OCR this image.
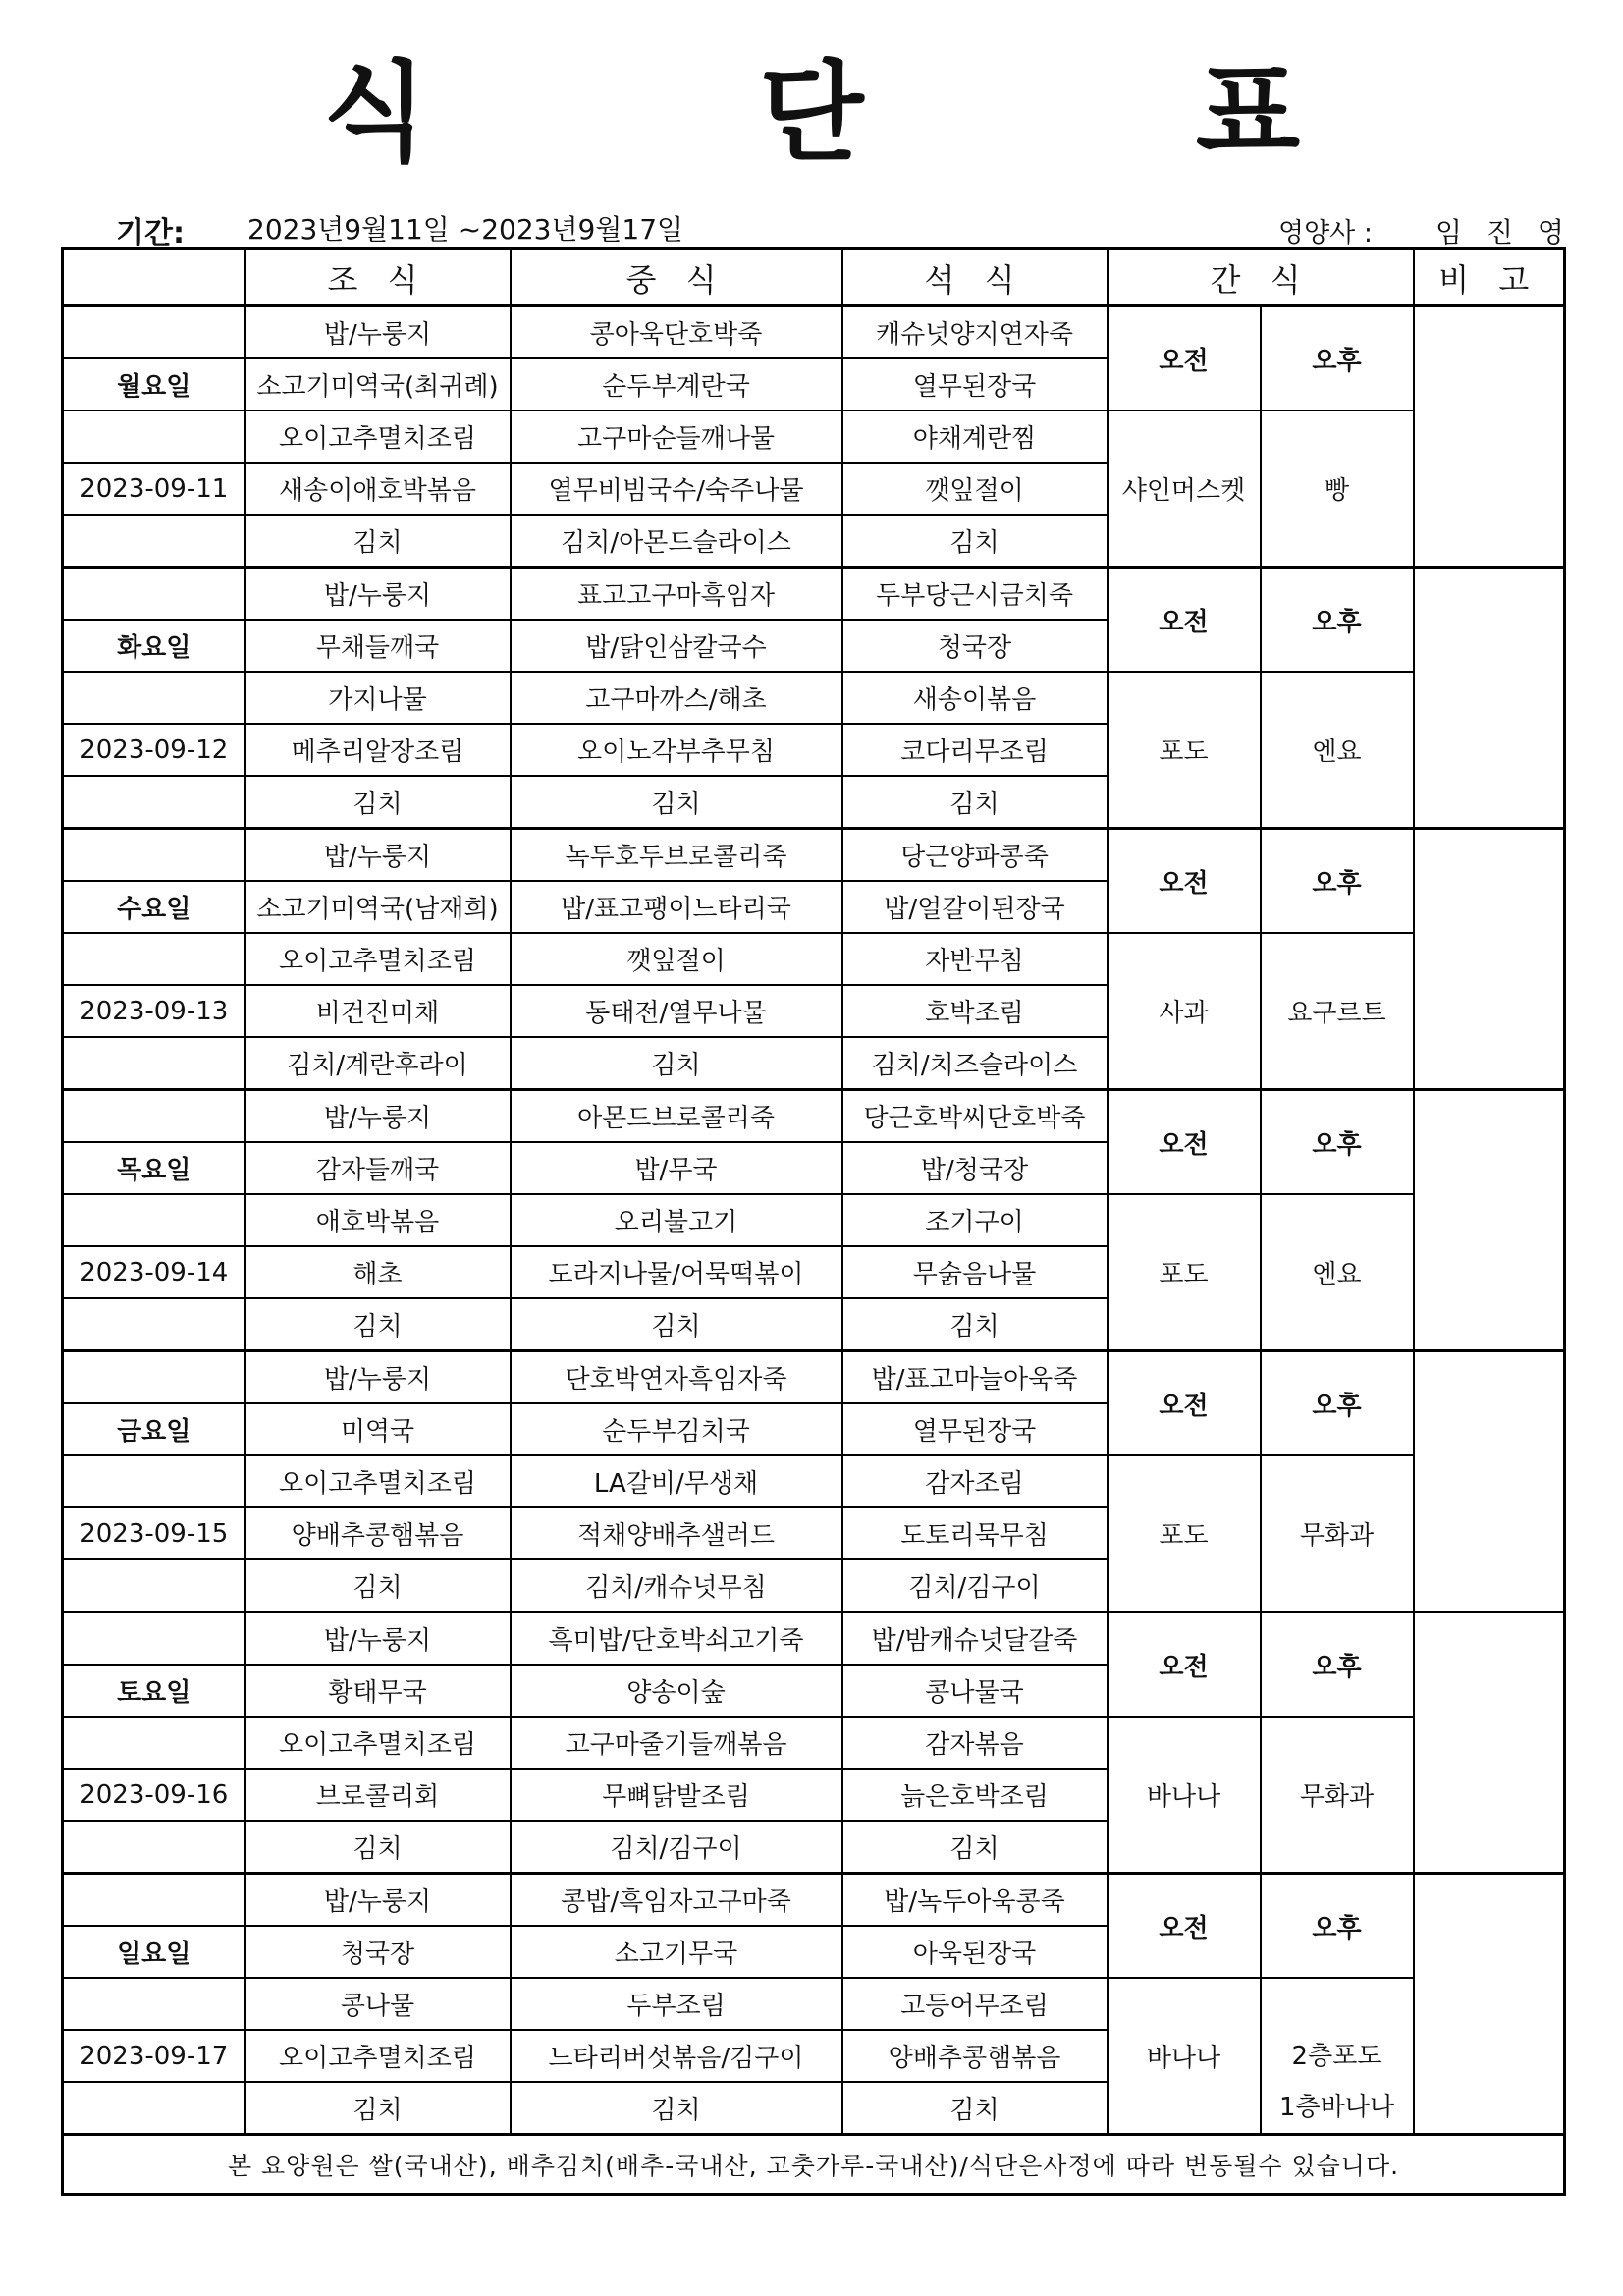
식 단 표
기간: 2023년9월11일 ~2023년9월17일	영양사 : 임 진 영
	조 식	중 식	석 식	간 식		비 고
	밥/누룽지	콩아욱단호박죽	캐슈넛양지연자죽	오전	오후	
월요일	소고기미역국(최귀례)	순두부계란국	열무된장국			
	오이고추멸치조림	고구마순들깨나물	야채계란찜	샤인머스켓	빵	
2023-09-11	새송이애호박볶음	열무비빔국수/숙주나물	깻잎절이			
	김치	김치/아몬드슬라이스	김치			
	밥/누룽지	표고고구마흑임자	두부당근시금치죽	오전	오후	
화요일	무채들깨국	밥/닭인삼칼국수	청국장			
	가지나물	고구마까스/해초	새송이볶음	포도	엔요	
2023-09-12	메추리알장조림	오이노각부추무침	코다리무조림			
	김치	김치	김치			
	밥/누룽지	녹두호두브로콜리죽	당근양파콩죽	오전	오후	
수요일	소고기미역국(남재희)	밥/표고팽이느타리국	밥/얼갈이된장국			
	오이고추멸치조림	깻잎절이	자반무침	사과	요구르트	
2023-09-13	비건진미채	동태전/열무나물	호박조림			
	김치/계란후라이	김치	김치/치즈슬라이스			
	밥/누룽지	아몬드브로콜리죽	당근호박씨단호박죽	오전	오후	
목요일	감자들깨국	밥/무국	밥/청국장			
	애호박볶음	오리불고기	조기구이	포도	엔요	
2023-09-14	해초	도라지나물/어묵떡볶이	무숡음나물			
	김치	김치	김치			
	밥/누룽지	단호박연자흑임자죽	밥/표고마늘아욱죽	오전	오후	
금요일	미역국	순두부김치국	열무된장국			
	오이고추멸치조림	LA갈비/무생채	감자조림	포도	무화과	
2023-09-15	양배추콩햄볶음	적채양배추샐러드	도토리묵무침			
	김치	김치/캐슈넛무침	김치/김구이			
	밥/누룽지	흑미밥/단호박쇠고기죽	밥/밤캐슈넛달갈죽	오전	오후	
토요일	황태무국	양송이숲	콩나물국			
	오이고추멸치조림	고구마줄기들깨볶음	감자볶음	바나나	무화과	
2023-09-16	브로콜리회	무뼈닭발조림	늙은호박조림			
	김치	김치/김구이	김치			
	밥/누룽지	콩밥/흑임자고구마죽	밥/녹두아욱콩죽	오전	오후	
일요일	청국장	소고기무국	아욱된장국			
	콩나물	두부조림	고등어무조림	바나나	2층포도
1층바나나	

2023-09-17	오이고추멸치조림	느타리버섯볶음/김구이	양배추콩햄볶음			
	김치	김치	김치			
본 요양원은 쌀(국내산), 배추김치(배추-국내산, 고춧가루-국내산)/식단은사정에 따라 변동될수 있습니다.						
